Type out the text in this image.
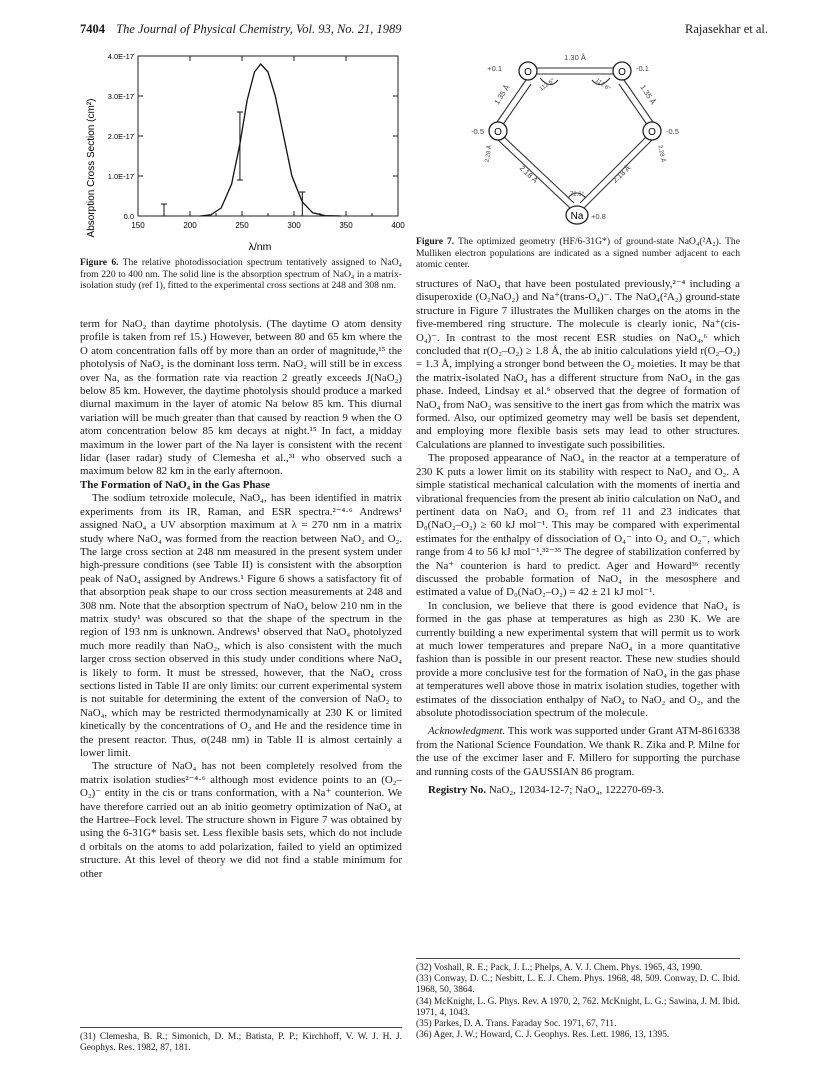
7404 The Journal of Physical Chemistry, Vol. 93, No. 21, 1989	Rajasekhar et al.
Absorption Cross Section (cm²)
λ/nm
150	200	250	300	350	400
0.0
1.0E-17
2.0E-17
3.0E-17
4.0E-17
Figure 6. The relative photodissociation spectrum tentatively assigned to NaO₄ from 220 to 400 nm. The solid line is the absorption spectrum of NaO₄ in a matrix-isolation study (ref 1), fitted to the experimental cross sections at 248 and 308 nm.
O	O
O	O
Na
1.30 Å
+0.1	-0.1
-0.5	-0.5
+0.8
1.35 Å	1.35 Å
2.18 Å	2.18 Å
2.28 Å	2.28 Å
112.6°	112.6°
72.6°
Figure 7. The optimized geometry (HF/6-31G*) of ground-state NaO₄(²A₂). The Mulliken electron populations are indicated as a signed number adjacent to each atomic center.

term for NaO₂ than daytime photolysis. (The daytime O atom density profile is taken from ref 15.) However, between 80 and 65 km where the O atom concentration falls off by more than an order of magnitude,¹⁵ the photolysis of NaO₂ is the dominant loss term. NaO₂ will still be in excess over Na, as the formation rate via reaction 2 greatly exceeds J(NaO₂) below 85 km. However, the daytime photolysis should produce a marked diurnal maximum in the layer of atomic Na below 85 km. This diurnal variation will be much greater than that caused by reaction 9 when the O atom concentration below 85 km decays at night.¹⁵ In fact, a midday maximum in the lower part of the Na layer is consistent with the recent lidar (laser radar) study of Clemesha et al.,³¹ who observed such a maximum below 82 km in the early afternoon.

The Formation of NaO₄ in the Gas Phase

The sodium tetroxide molecule, NaO₄, has been identified in matrix experiments from its IR, Raman, and ESR spectra.²⁻⁴·⁶ Andrews¹ assigned NaO₄ a UV absorption maximum at λ = 270 nm in a matrix study where NaO₄ was formed from the reaction between NaO₂ and O₂. The large cross section at 248 nm measured in the present system under high-pressure conditions (see Table II) is consistent with the absorption peak of NaO₄ assigned by Andrews.¹ Figure 6 shows a satisfactory fit of that absorption peak shape to our cross section measurements at 248 and 308 nm. Note that the absorption spectrum of NaO₄ below 210 nm in the matrix study¹ was obscured so that the shape of the spectrum in the region of 193 nm is unknown. Andrews¹ observed that NaO₄ photolyzed much more readily than NaO₂, which is also consistent with the much larger cross section observed in this study under conditions where NaO₄ is likely to form. It must be stressed, however, that the NaO₄ cross sections listed in Table II are only limits: our current experimental system is not suitable for determining the extent of the conversion of NaO₂ to NaO₄, which may be restricted thermodynamically at 230 K or limited kinetically by the concentrations of O₂ and He and the residence time in the present reactor. Thus, σ(248 nm) in Table II is almost certainly a lower limit.

The structure of NaO₄ has not been completely resolved from the matrix isolation studies²⁻⁴·⁶ although most evidence points to an (O₂–O₂)⁻ entity in the cis or trans conformation, with a Na⁺ counterion. We have therefore carried out an ab initio geometry optimization of NaO₄ at the Hartree–Fock level. The structure shown in Figure 7 was obtained by using the 6-31G* basis set. Less flexible basis sets, which do not include d orbitals on the atoms to add polarization, failed to yield an optimized structure. At this level of theory we did not find a stable minimum for other

(31) Clemesha, B. R.; Simonich, D. M.; Batista, P. P.; Kirchhoff, V. W. J. H. J. Geophys. Res. 1982, 87, 181.

structures of NaO₄ that have been postulated previously,²⁻⁴ including a disuperoxide (O₂NaO₂) and Na⁺(trans-O₄)⁻. The NaO₄(²A₂) ground-state structure in Figure 7 illustrates the Mulliken charges on the atoms in the five-membered ring structure. The molecule is clearly ionic, Na⁺(cis-O₄)⁻. In contrast to the most recent ESR studies on NaO₄,⁶ which concluded that r(O₂–O₂) ≥ 1.8 Å, the ab initio calculations yield r(O₂–O₂) = 1.3 Å, implying a stronger bond between the O₂ moieties. It may be that the matrix-isolated NaO₄ has a different structure from NaO₄ in the gas phase. Indeed, Lindsay et al.⁶ observed that the degree of formation of NaO₄ from NaO₂ was sensitive to the inert gas from which the matrix was formed. Also, our optimized geometry may well be basis set dependent, and employing more flexible basis sets may lead to other structures. Calculations are planned to investigate such possibilities.

The proposed appearance of NaO₄ in the reactor at a temperature of 230 K puts a lower limit on its stability with respect to NaO₂ and O₂. A simple statistical mechanical calculation with the moments of inertia and vibrational frequencies from the present ab initio calculation on NaO₄ and pertinent data on NaO₂ and O₂ from ref 11 and 23 indicates that D₀(NaO₂–O₂) ≥ 60 kJ mol⁻¹. This may be compared with experimental estimates for the enthalpy of dissociation of O₄⁻ into O₂ and O₂⁻, which range from 4 to 56 kJ mol⁻¹.³²⁻³⁵ The degree of stabilization conferred by the Na⁺ counterion is hard to predict. Ager and Howard³⁶ recently discussed the probable formation of NaO₄ in the mesosphere and estimated a value of D₀(NaO₂–O₂) = 42 ± 21 kJ mol⁻¹.

In conclusion, we believe that there is good evidence that NaO₄ is formed in the gas phase at temperatures as high as 230 K. We are currently building a new experimental system that will permit us to work at much lower temperatures and prepare NaO₄ in a more quantitative fashion than is possible in our present reactor. These new studies should provide a more conclusive test for the formation of NaO₄ in the gas phase at temperatures well above those in matrix isolation studies, together with estimates of the dissociation enthalpy of NaO₄ to NaO₂ and O₂, and the absolute photodissociation spectrum of the molecule.

Acknowledgment. This work was supported under Grant ATM-8616338 from the National Science Foundation. We thank R. Zika and P. Milne for the use of the excimer laser and F. Millero for supporting the purchase and running costs of the GAUSSIAN 86 program.

Registry No. NaO₂, 12034-12-7; NaO₄, 122270-69-3.

(32) Voshall, R. E.; Pack, J. L.; Phelps, A. V. J. Chem. Phys. 1965, 43, 1990.
(33) Conway, D. C.; Nesbitt, L. E. J. Chem. Phys. 1968, 48, 509. Conway, D. C. Ibid. 1968, 50, 3864.
(34) McKnight, L. G. Phys. Rev. A 1970, 2, 762. McKnight, L. G.; Sawina, J. M. Ibid. 1971, 4, 1043.
(35) Parkes, D. A. Trans. Faraday Soc. 1971, 67, 711.
(36) Ager, J. W.; Howard, C. J. Geophys. Res. Lett. 1986, 13, 1395.
